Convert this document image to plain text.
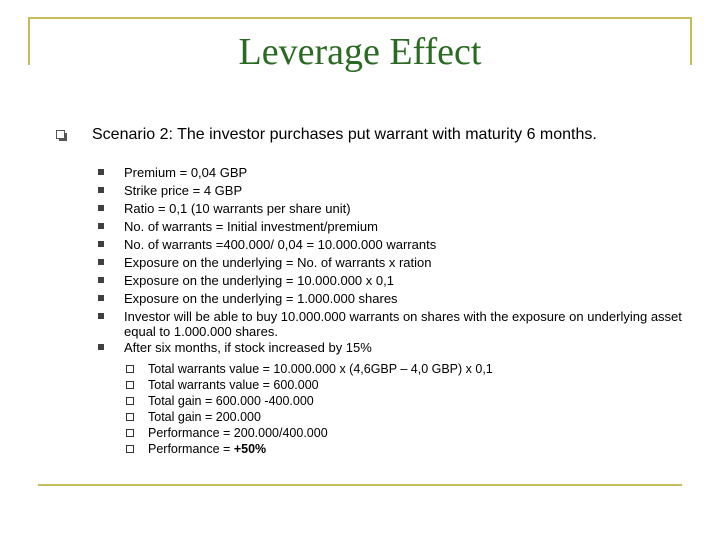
Leverage Effect
Scenario 2: The investor purchases put warrant with maturity 6 months.
Premium = 0,04 GBP
Strike price = 4 GBP
Ratio = 0,1 (10 warrants per share unit)
No. of warrants = Initial investment/premium
No. of warrants =400.000/ 0,04 = 10.000.000 warrants
Exposure on the underlying = No. of warrants x ration
Exposure on the underlying = 10.000.000 x 0,1
Exposure on the underlying = 1.000.000 shares
Investor will be able to buy 10.000.000 warrants on shares with the exposure on underlying asset equal to 1.000.000 shares.
After six months, if stock increased by 15%
Total warrants value = 10.000.000 x (4,6GBP – 4,0 GBP) x 0,1
Total warrants value = 600.000
Total gain = 600.000 -400.000
Total gain = 200.000
Performance = 200.000/400.000
Performance = +50%
